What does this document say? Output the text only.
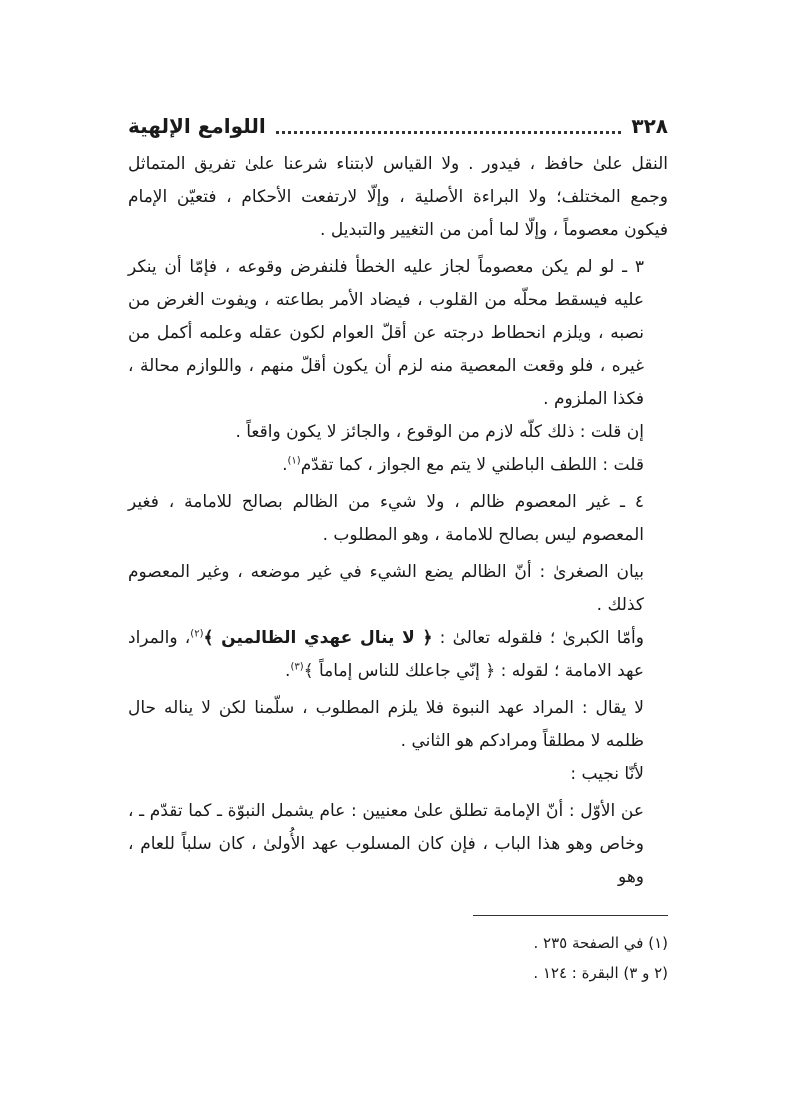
٣٢٨
اللوامع الإلهية

النقل علىٰ حافظ ، فيدور . ولا القياس لابتناء شرعنا علىٰ تفريق المتماثل وجمع المختلف؛ ولا البراءة الأصلية ، وإلّا لارتفعت الأحكام ، فتعيّن الإمام فيكون معصوماً ، وإلّا لما أمن من التغيير والتبديل .

٣ ـ لو لم يكن معصوماً لجاز عليه الخطأ فلنفرض وقوعه ، فإمّا أن ينكر عليه فيسقط محلّه من القلوب ، فيضاد الأمر بطاعته ، ويفوت الغرض من نصبه ، ويلزم انحطاط درجته عن أقلّ العوام لكون عقله وعلمه أكمل من غيره ، فلو وقعت المعصية منه لزم أن يكون أقلّ منهم ، واللوازم محالة ، فكذا الملزوم .

إن قلت : ذلك كلّه لازم من الوقوع ، والجائز لا يكون واقعاً .

قلت : اللطف الباطني لا يتم مع الجواز ، كما تقدّم$^{(١)}$.

٤ ـ غير المعصوم ظالم ، ولا شيء من الظالم بصالح للامامة ، فغير المعصوم ليس بصالح للامامة ، وهو المطلوب .

بيان الصغرىٰ : أنّ الظالم يضع الشيء في غير موضعه ، وغير المعصوم كذلك .

وأمّا الكبرىٰ ؛ فلقوله تعالىٰ : ﴿ لا ينال عهدي الظالمين ﴾$^{(٢)}$، والمراد عهد الامامة ؛ لقوله : ﴿ إنّي جاعلك للناس إماماً ﴾$^{(٣)}$.

لا يقال : المراد عهد النبوة فلا يلزم المطلوب ، سلّمنا لكن لا يناله حال ظلمه لا مطلقاً ومرادكم هو الثاني .

لأنّا نجيب :

عن الأوّل : أنّ الإمامة تطلق علىٰ معنيين : عام يشمل النبوّة ـ كما تقدّم ـ ، وخاص وهو هذا الباب ، فإن كان المسلوب عهد الأُولىٰ ، كان سلباً للعام ، وهو

(١) في الصفحة ٢٣٥ .

(٢ و ٣) البقرة : ١٢٤ .
